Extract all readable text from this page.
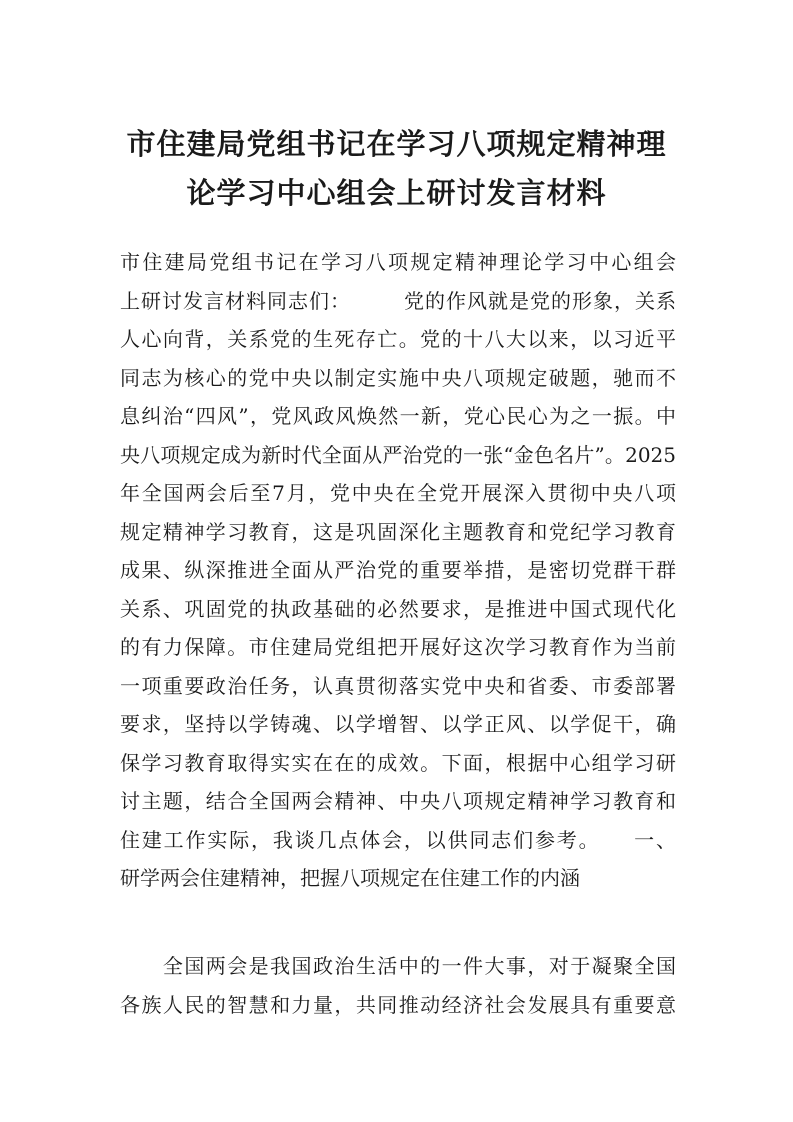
市住建局党组书记在学习八项规定精神理
论学习中心组会上研讨发言材料
市住建局党组书记在学习八项规定精神理论学习中心组会
上研讨发言材料同志们：　　　党的作风就是党的形象，关系
人心向背，关系党的生死存亡。党的十八大以来，以习近平
同志为核心的党中央以制定实施中央八项规定破题，驰而不
息纠治“四风”，党风政风焕然一新，党心民心为之一振。中
央八项规定成为新时代全面从严治党的一张“金色名片”。2025
年全国两会后至7月，党中央在全党开展深入贯彻中央八项
规定精神学习教育，这是巩固深化主题教育和党纪学习教育
成果、纵深推进全面从严治党的重要举措，是密切党群干群
关系、巩固党的执政基础的必然要求，是推进中国式现代化
的有力保障。市住建局党组把开展好这次学习教育作为当前
一项重要政治任务，认真贯彻落实党中央和省委、市委部署
要求，坚持以学铸魂、以学增智、以学正风、以学促干，确
保学习教育取得实实在在的成效。下面，根据中心组学习研
讨主题，结合全国两会精神、中央八项规定精神学习教育和
住建工作实际，我谈几点体会，以供同志们参考。　　一、
研学两会住建精神，把握八项规定在住建工作的内涵
　　全国两会是我国政治生活中的一件大事，对于凝聚全国
各族人民的智慧和力量，共同推动经济社会发展具有重要意
